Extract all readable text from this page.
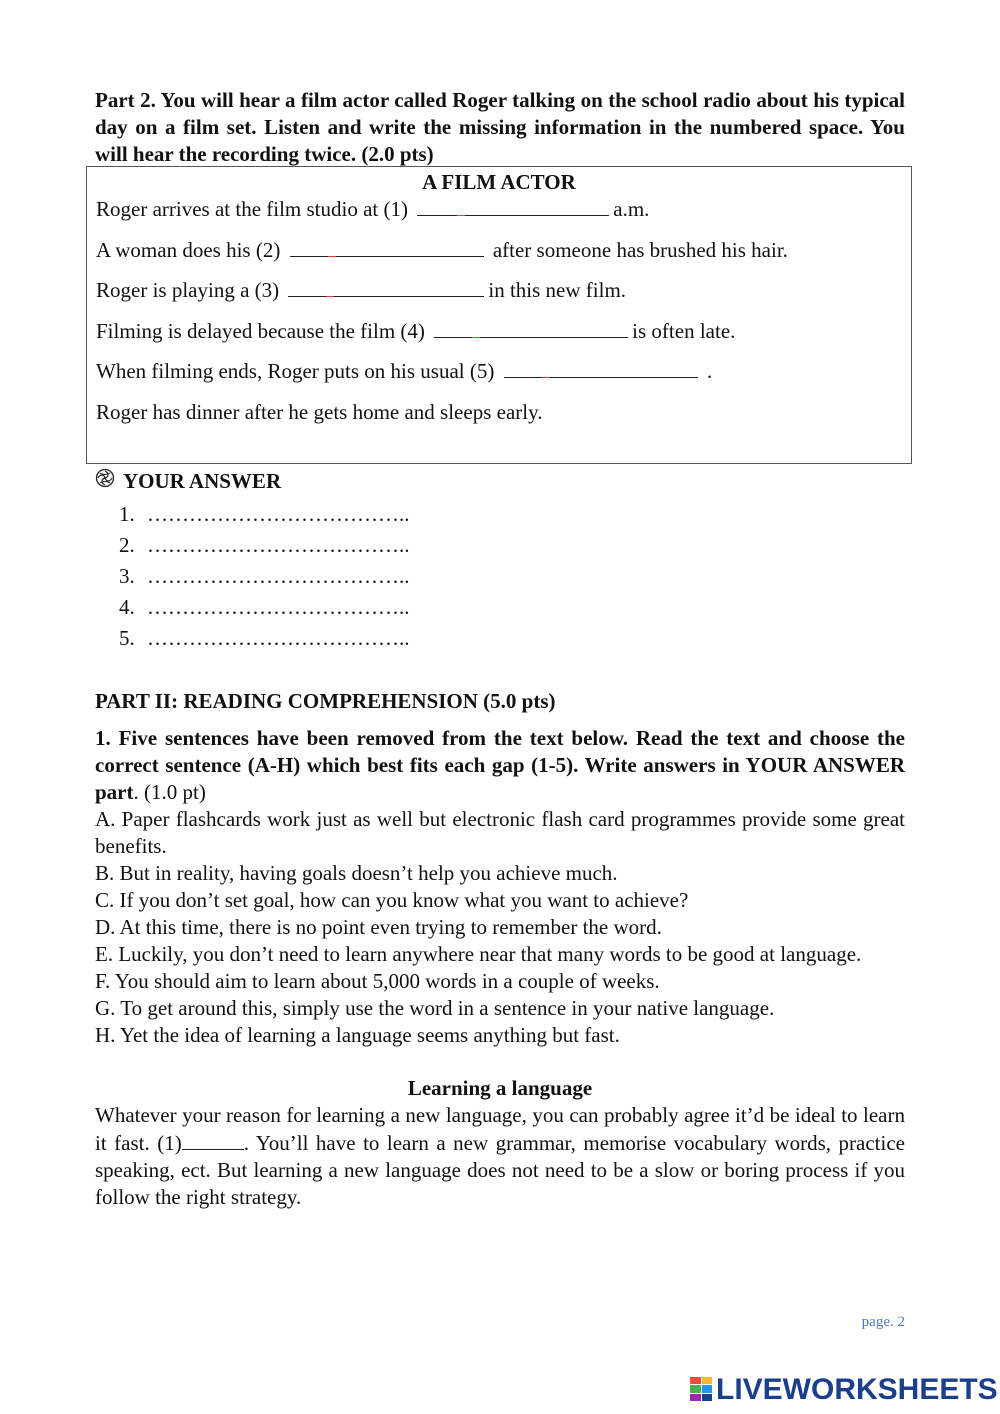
Part 2. You will hear a film actor called Roger talking on the school radio about his typical day on a film set. Listen and write the missing information in the numbered space. You will hear the recording twice. (2.0 pts)
A FILM ACTOR
Roger arrives at the film studio at (1)	a.m.
A woman does his (2)	after someone has brushed his hair.
Roger is playing a (3)	in this new film.
Filming is delayed because the film (4)	is often late.
When filming ends, Roger puts on his usual (5)	.
Roger has dinner after he gets home and sleeps early.
YOUR ANSWER
1. ………………………………..
2. ………………………………..
3. ………………………………..
4. ………………………………..
5. ………………………………..
PART II: READING COMPREHENSION (5.0 pts)

1. Five sentences have been removed from the text below. Read the text and choose the correct sentence (A-H) which best fits each gap (1-5). Write answers in YOUR ANSWER part. (1.0 pt)

A. Paper flashcards work just as well but electronic flash card programmes provide some great benefits.

B. But in reality, having goals doesn’t help you achieve much.

C. If you don’t set goal, how can you know what you want to achieve?

D. At this time, there is no point even trying to remember the word.

E. Luckily, you don’t need to learn anywhere near that many words to be good at language.

F. You should aim to learn about 5,000 words in a couple of weeks.

G. To get around this, simply use the word in a sentence in your native language.

H. Yet the idea of learning a language seems anything but fast.

Learning a language

Whatever your reason for learning a new language, you can probably agree it’d be ideal to learn it fast. (1)	. You’ll have to learn a new grammar, memorise vocabulary words, practice speaking, ect. But learning a new language does not need to be a slow or boring process if you follow the right strategy.

page. 2
LIVEWORKSHEETS
